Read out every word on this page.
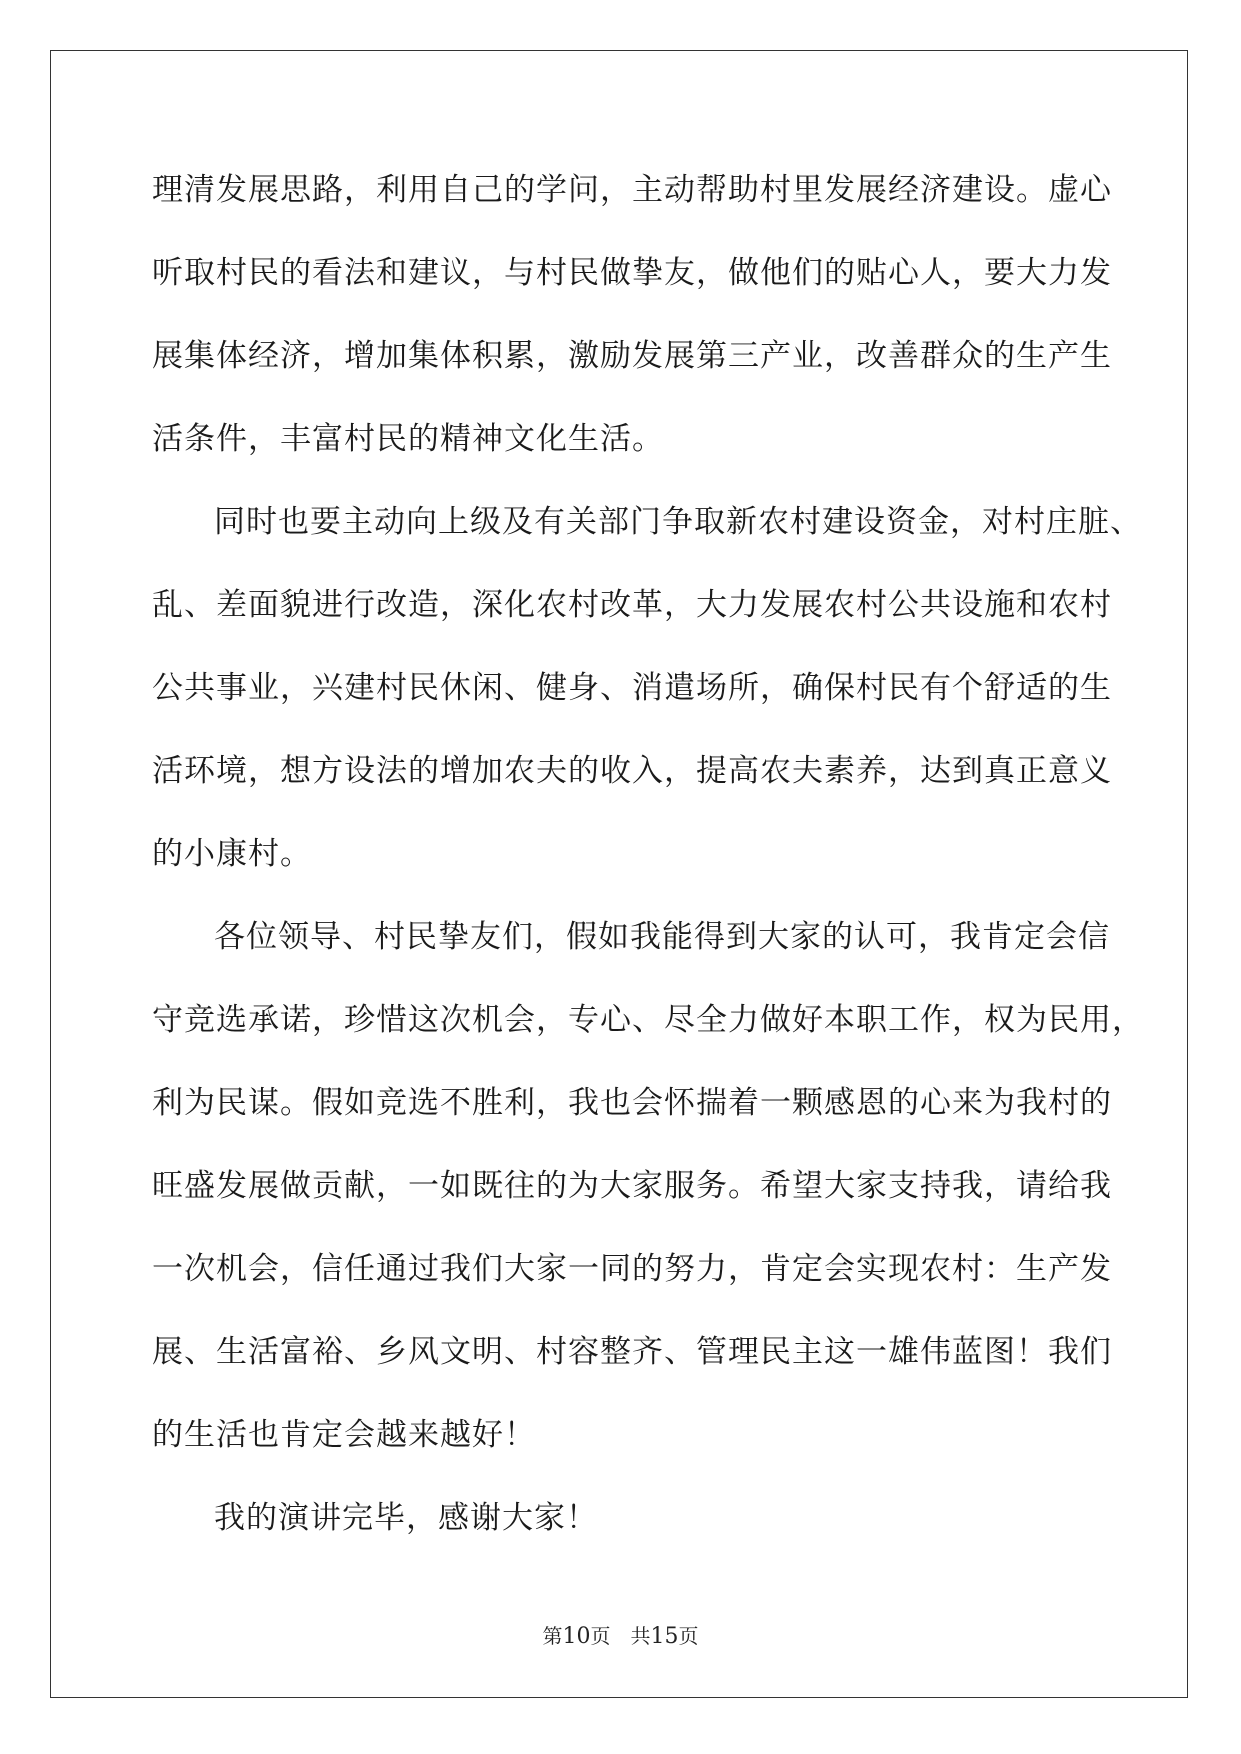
理清发展思路，利用自己的学问，主动帮助村里发展经济建设。虚心
听取村民的看法和建议，与村民做挚友，做他们的贴心人，要大力发
展集体经济，增加集体积累，激励发展第三产业，改善群众的生产生
活条件，丰富村民的精神文化生活。
同时也要主动向上级及有关部门争取新农村建设资金，对村庄脏、
乱、差面貌进行改造，深化农村改革，大力发展农村公共设施和农村
公共事业，兴建村民休闲、健身、消遣场所，确保村民有个舒适的生
活环境，想方设法的增加农夫的收入，提高农夫素养，达到真正意义
的小康村。
各位领导、村民挚友们，假如我能得到大家的认可，我肯定会信
守竞选承诺，珍惜这次机会，专心、尽全力做好本职工作，权为民用，
利为民谋。假如竞选不胜利，我也会怀揣着一颗感恩的心来为我村的
旺盛发展做贡献，一如既往的为大家服务。希望大家支持我，请给我
一次机会，信任通过我们大家一同的努力，肯定会实现农村：生产发
展、生活富裕、乡风文明、村容整齐、管理民主这一雄伟蓝图！我们
的生活也肯定会越来越好！
我的演讲完毕，感谢大家！
第10页　共15页
